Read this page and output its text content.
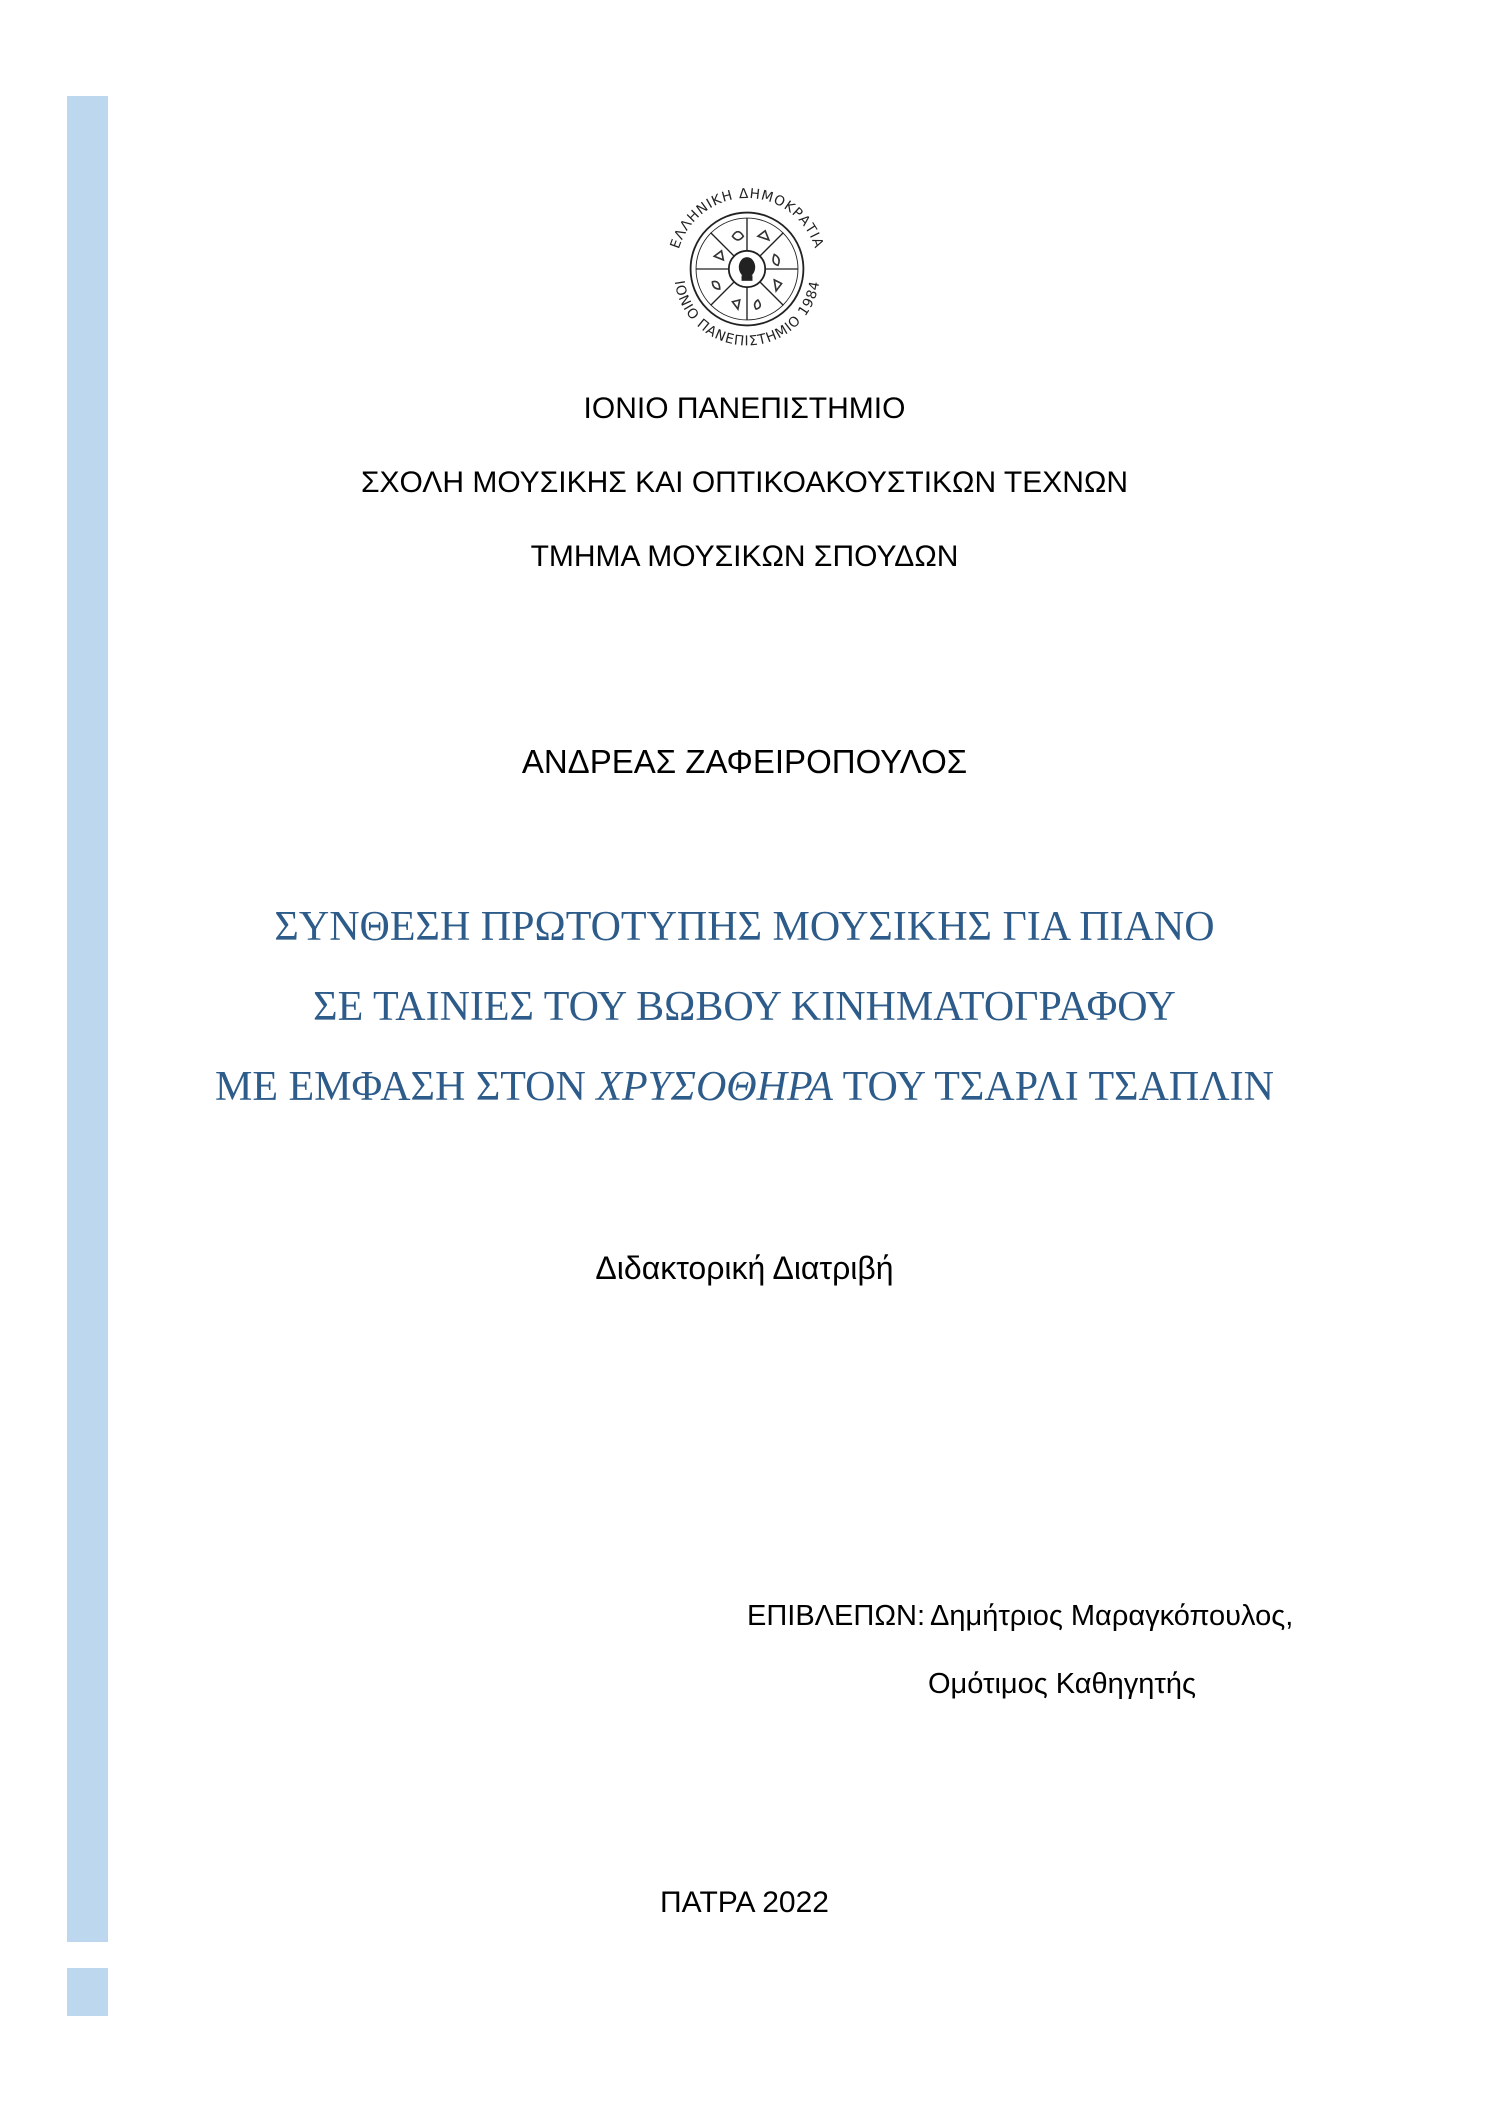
ΕΛΛΗΝΙΚΗ ΔΗΜΟΚΡΑΤΙΑ
ΙΟΝΙΟ ΠΑΝΕΠΙΣΤΗΜΙΟ 1984
ΙΟΝΙΟ ΠΑΝΕΠΙΣΤΗΜΙΟ
ΣΧΟΛΗ ΜΟΥΣΙΚΗΣ ΚΑΙ ΟΠΤΙΚΟΑΚΟΥΣΤΙΚΩΝ ΤΕΧΝΩΝ
ΤΜΗΜΑ ΜΟΥΣΙΚΩΝ ΣΠΟΥΔΩΝ
ΑΝΔΡΕΑΣ ΖΑΦΕΙΡΟΠΟΥΛΟΣ
ΣΥΝΘΕΣΗ ΠΡΩΤΟΤΥΠΗΣ ΜΟΥΣΙΚΗΣ ΓΙΑ ΠΙΑΝΟ
ΣΕ ΤΑΙΝΙΕΣ ΤΟΥ ΒΩΒΟΥ ΚΙΝΗΜΑΤΟΓΡΑΦΟΥ
ΜΕ ΕΜΦΑΣΗ ΣΤΟΝ ΧΡΥΣΟΘΗΡΑ ΤΟΥ ΤΣΑΡΛΙ ΤΣΑΠΛΙΝ
Διδακτορική Διατριβή
ΕΠΙΒΛΕΠΩΝ: Δημήτριος Μαραγκόπουλος,
Ομότιμος Καθηγητής
ΠΑΤΡΑ 2022
